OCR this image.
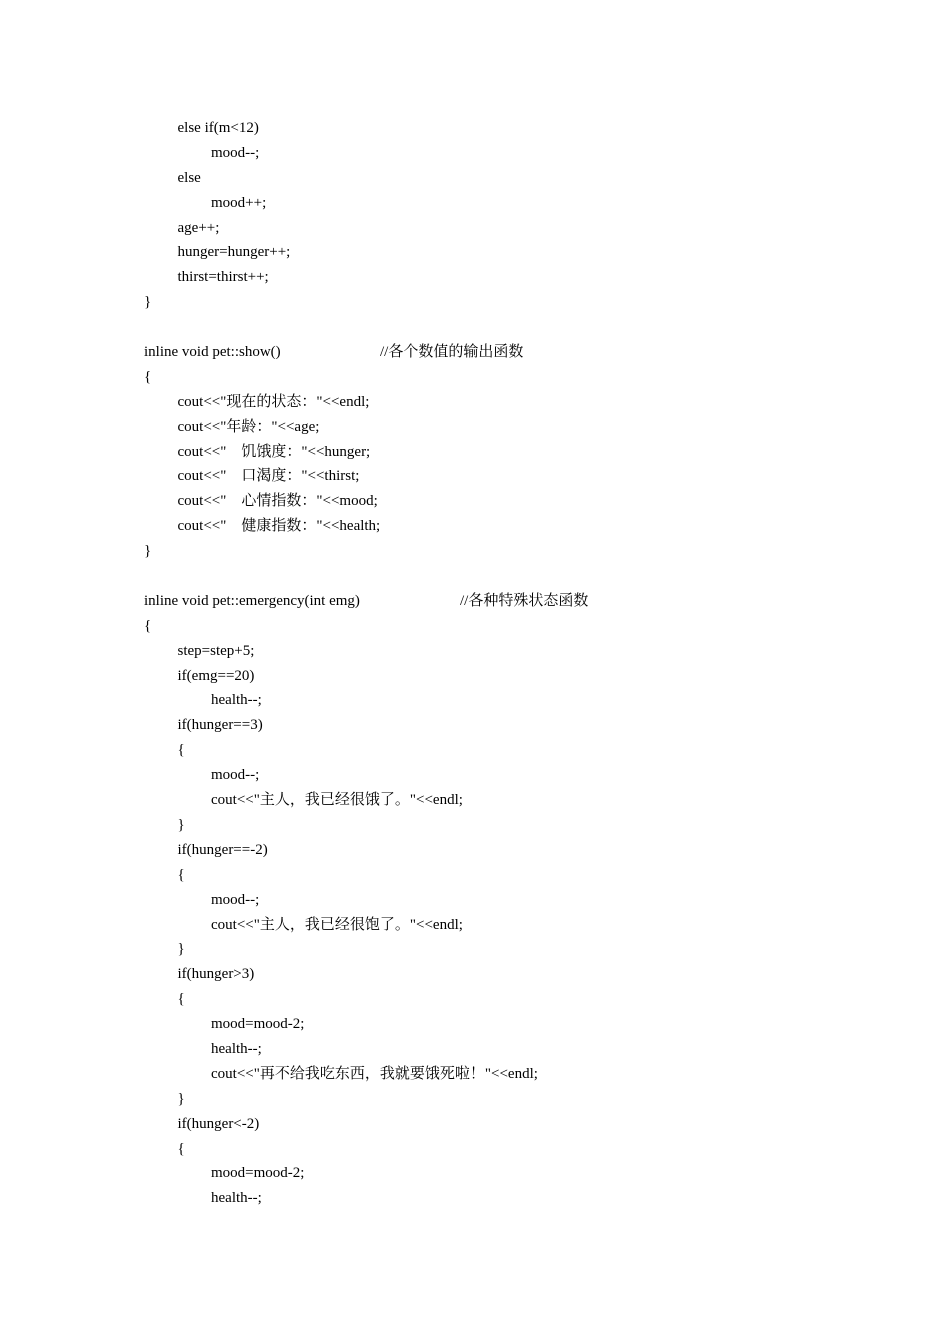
else if(m<12)
mood--;
else
mood++;
age++;
hunger=hunger++;
thirst=thirst++;
}
inline void pet::show()	//各个数值的输出函数
{
cout<<"现在的状态："<<endl;
cout<<"年龄："<<age;
cout<<"    饥饿度："<<hunger;
cout<<"    口渴度："<<thirst;
cout<<"    心情指数："<<mood;
cout<<"    健康指数："<<health;
}
inline void pet::emergency(int emg)	//各种特殊状态函数
{
step=step+5;
if(emg==20)
health--;
if(hunger==3)
{
mood--;
cout<<"主人，我已经很饿了。"<<endl;
}
if(hunger==-2)
{
mood--;
cout<<"主人，我已经很饱了。"<<endl;
}
if(hunger>3)
{
mood=mood-2;
health--;
cout<<"再不给我吃东西，我就要饿死啦！"<<endl;
}
if(hunger<-2)
{
mood=mood-2;
health--;
